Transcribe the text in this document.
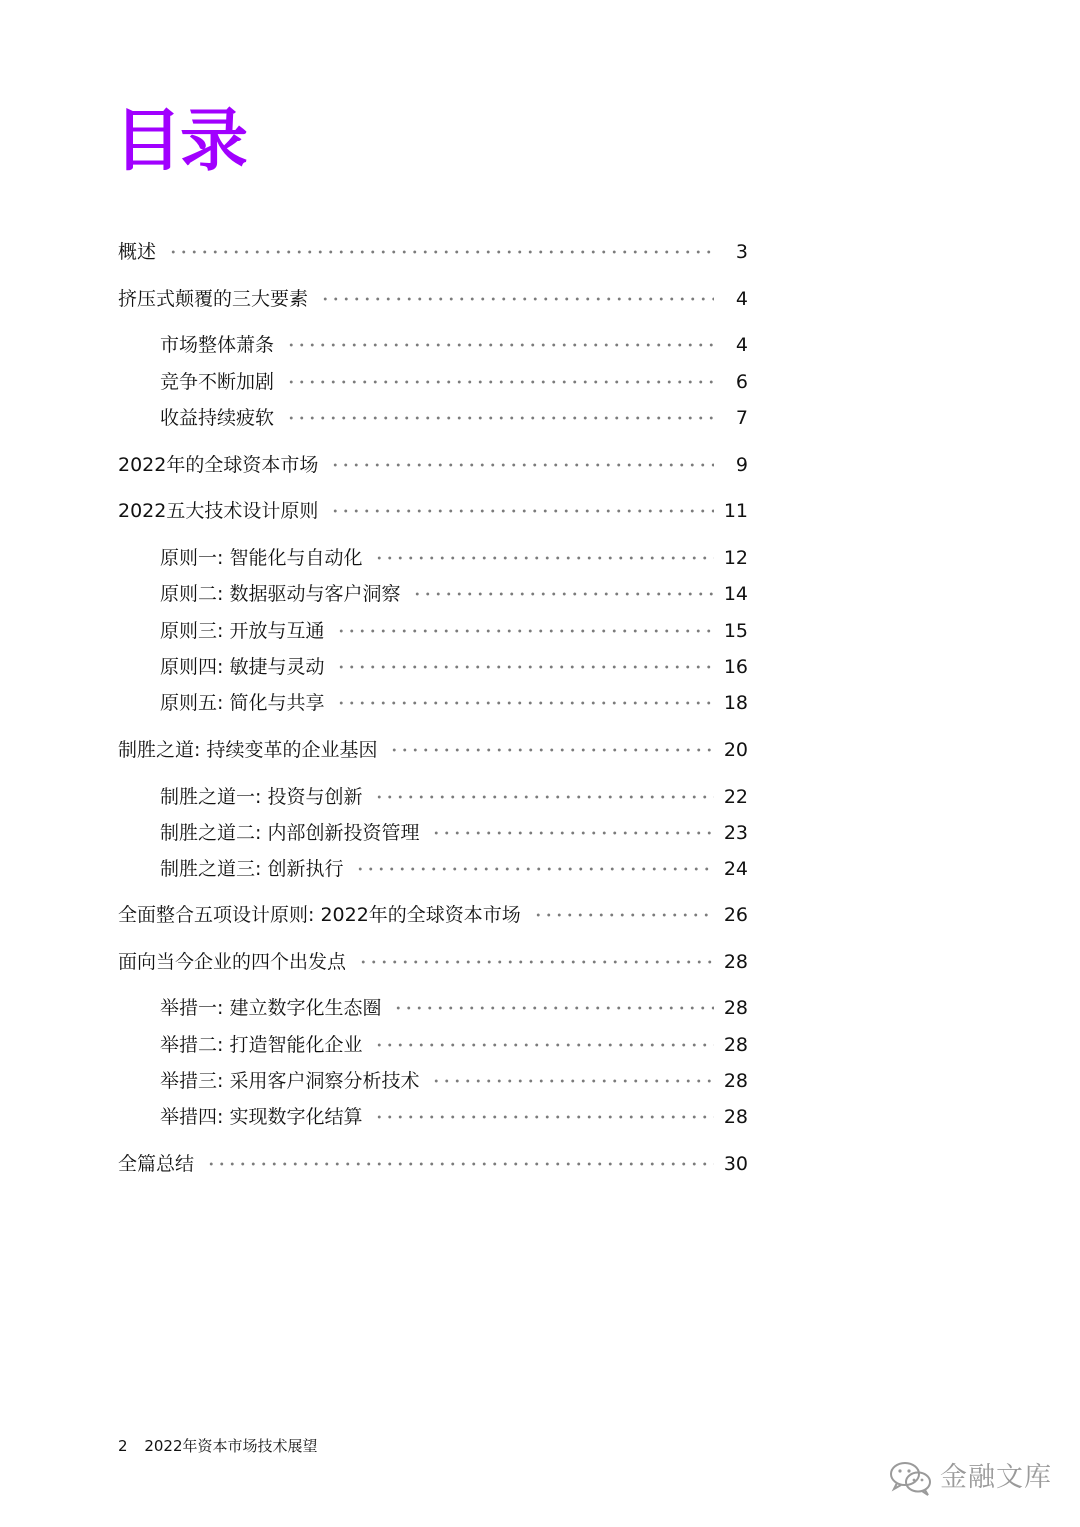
目录
概述	3
挤压式颠覆的三大要素	4
市场整体萧条	4
竞争不断加剧	6
收益持续疲软	7
2022年的全球资本市场	9
2022五大技术设计原则	11
原则一: 智能化与自动化	12
原则二: 数据驱动与客户洞察	14
原则三: 开放与互通	15
原则四: 敏捷与灵动	16
原则五: 简化与共享	18
制胜之道: 持续变革的企业基因	20
制胜之道一: 投资与创新	22
制胜之道二: 内部创新投资管理	23
制胜之道三: 创新执行	24
全面整合五项设计原则: 2022年的全球资本市场	26
面向当今企业的四个出发点	28
举措一: 建立数字化生态圈	28
举措二: 打造智能化企业	28
举措三: 采用客户洞察分析技术	28
举措四: 实现数字化结算	28
全篇总结	30
2 2022年资本市场技术展望
金融文库
